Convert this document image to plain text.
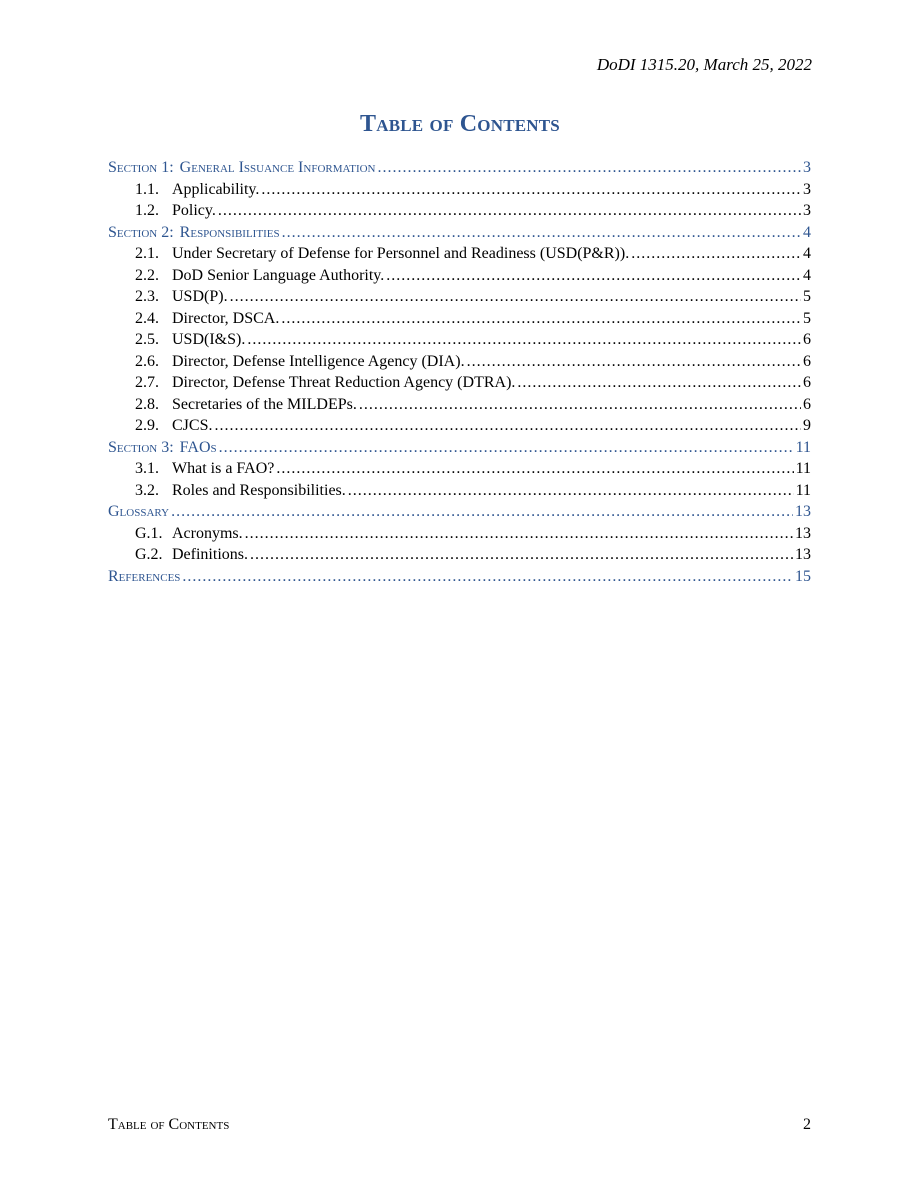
DoDI 1315.20, March 25, 2022
Table of Contents
Section 1: General Issuance Information .....	3
1.1. Applicability. .....	3
1.2. Policy. .....	3
Section 2: Responsibilities .....	4
2.1. Under Secretary of Defense for Personnel and Readiness (USD(P&R)). .....	4
2.2. DoD Senior Language Authority. .....	4
2.3. USD(P). .....	5
2.4. Director, DSCA. .....	5
2.5. USD(I&S). .....	6
2.6. Director, Defense Intelligence Agency (DIA). .....	6
2.7. Director, Defense Threat Reduction Agency (DTRA). .....	6
2.8. Secretaries of the MILDEPs. .....	6
2.9. CJCS. .....	9
Section 3: FAOs .....	11
3.1. What is a FAO? .....	11
3.2. Roles and Responsibilities. .....	11
Glossary .....	13
G.1. Acronyms. .....	13
G.2. Definitions. .....	13
References .....	15
Table of Contents	2
